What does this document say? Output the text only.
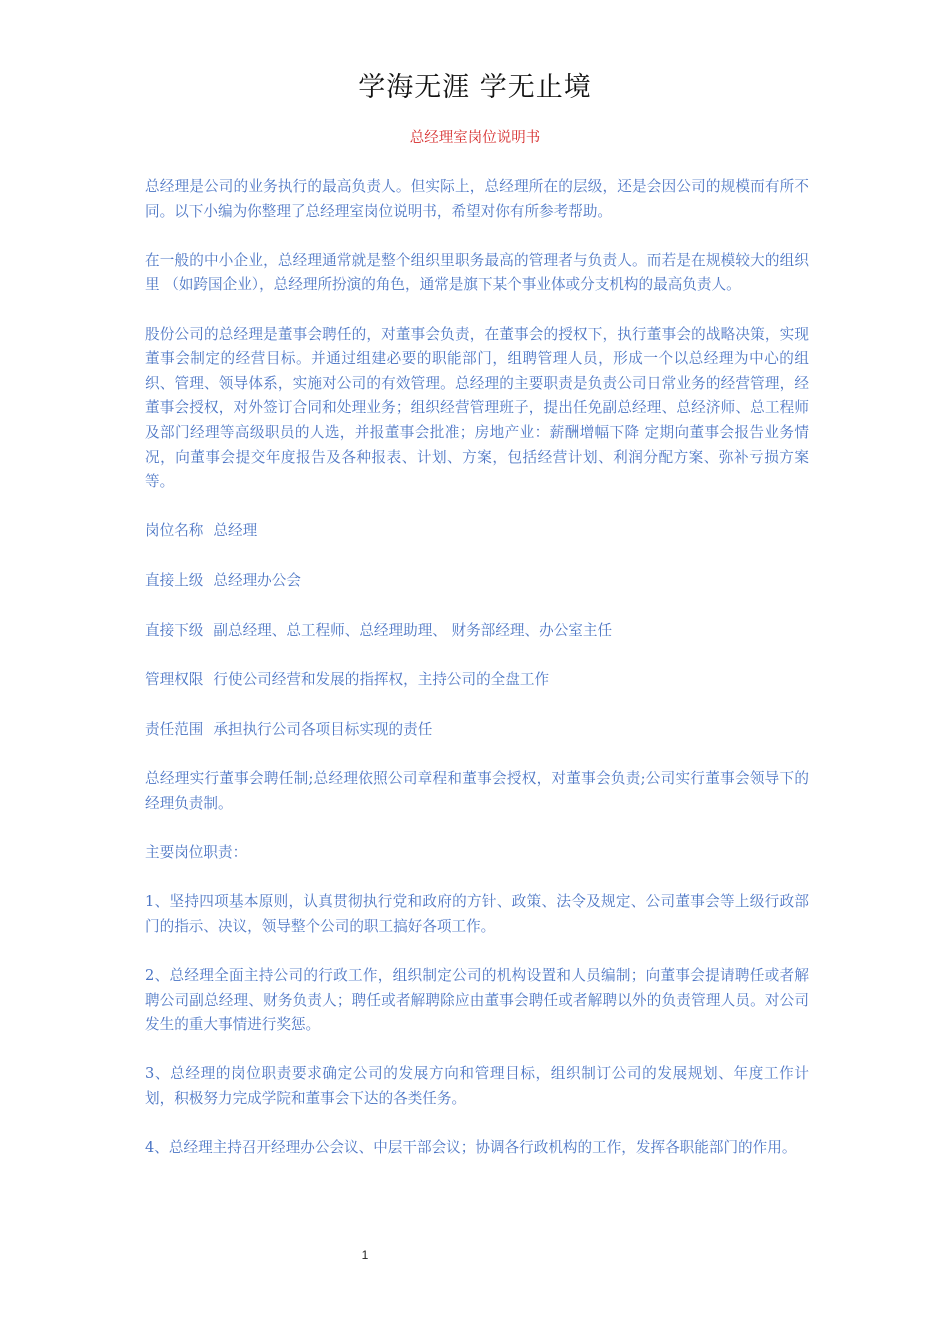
学海无涯 学无止境
总经理室岗位说明书

总经理是公司的业务执行的最高负责人。但实际上，总经理所在的层级，还是会因公司的规模而有所不同。以下小编为你整理了总经理室岗位说明书，希望对你有所参考帮助。

在一般的中小企业，总经理通常就是整个组织里职务最高的管理者与负责人。而若是在规模较大的组织里 （如跨国企业），总经理所扮演的角色，通常是旗下某个事业体或分支机构的最高负责人。

股份公司的总经理是董事会聘任的，对董事会负责，在董事会的授权下，执行董事会的战略决策，实现董事会制定的经营目标。并通过组建必要的职能部门，组聘管理人员，形成一个以总经理为中心的组织、管理、领导体系，实施对公司的有效管理。总经理的主要职责是负责公司日常业务的经营管理，经董事会授权，对外签订合同和处理业务；组织经营管理班子，提出任免副总经理、总经济师、总工程师及部门经理等高级职员的人选，并报董事会批准；房地产业：薪酬增幅下降 定期向董事会报告业务情况，向董事会提交年度报告及各种报表、计划、方案，包括经营计划、利润分配方案、弥补亏损方案等。

岗位名称 总经理
直接上级 总经理办公会
直接下级 副总经理、总工程师、总经理助理、 财务部经理、办公室主任
管理权限 行使公司经营和发展的指挥权，主持公司的全盘工作
责任范围 承担执行公司各项目标实现的责任

总经理实行董事会聘任制;总经理依照公司章程和董事会授权，对董事会负责;公司实行董事会领导下的经理负责制。

主要岗位职责：

1、坚持四项基本原则，认真贯彻执行党和政府的方针、政策、法令及规定、公司董事会等上级行政部门的指示、决议，领导整个公司的职工搞好各项工作。

2、总经理全面主持公司的行政工作，组织制定公司的机构设置和人员编制；向董事会提请聘任或者解聘公司副总经理、财务负责人；聘任或者解聘除应由董事会聘任或者解聘以外的负责管理人员。对公司发生的重大事情进行奖惩。

3、总经理的岗位职责要求确定公司的发展方向和管理目标，组织制订公司的发展规划、年度工作计划，积极努力完成学院和董事会下达的各类任务。

4、总经理主持召开经理办公会议、中层干部会议；协调各行政机构的工作，发挥各职能部门的作用。

1
